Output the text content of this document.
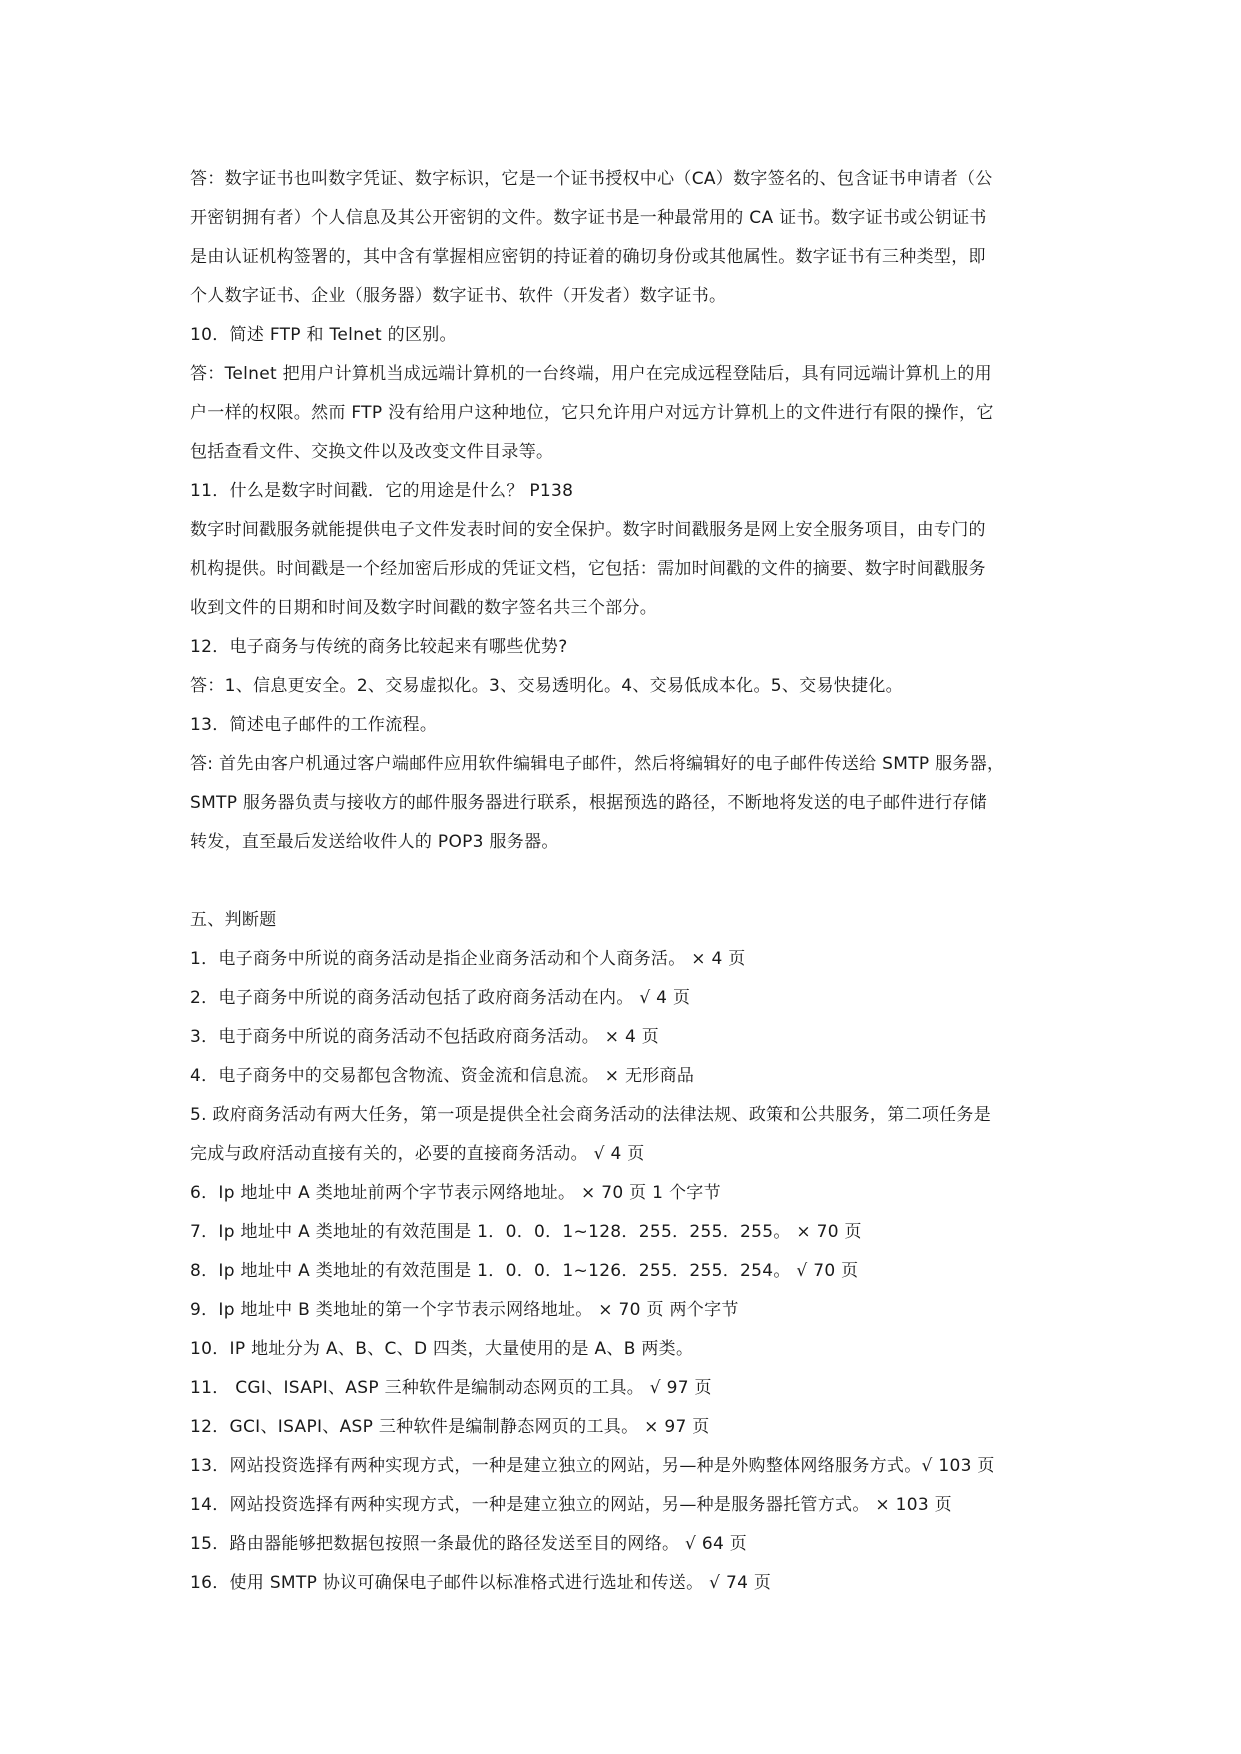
答：数字证书也叫数字凭证、数字标识，它是一个证书授权中心（CA）数字签名的、包含证书申请者（公
开密钥拥有者）个人信息及其公开密钥的文件。数字证书是一种最常用的 CA 证书。数字证书或公钥证书
是由认证机构签署的，其中含有掌握相应密钥的持证着的确切身份或其他属性。数字证书有三种类型，即
个人数字证书、企业（服务器）数字证书、软件（开发者）数字证书。
10．简述 FTP 和 Telnet 的区别。
答：Telnet 把用户计算机当成远端计算机的一台终端，用户在完成远程登陆后，具有同远端计算机上的用
户一样的权限。然而 FTP 没有给用户这种地位，它只允许用户对远方计算机上的文件进行有限的操作，它
包括查看文件、交换文件以及改变文件目录等。
11．什么是数字时间戳．它的用途是什么？ P138
数字时间戳服务就能提供电子文件发表时间的安全保护。数字时间戳服务是网上安全服务项目，由专门的
机构提供。时间戳是一个经加密后形成的凭证文档，它包括：需加时间戳的文件的摘要、数字时间戳服务
收到文件的日期和时间及数字时间戳的数字签名共三个部分。
12．电子商务与传统的商务比较起来有哪些优势?
答：1、信息更安全。2、交易虚拟化。3、交易透明化。4、交易低成本化。5、交易快捷化。
13．简述电子邮件的工作流程。
答: 首先由客户机通过客户端邮件应用软件编辑电子邮件，然后将编辑好的电子邮件传送给 SMTP 服务器，
SMTP 服务器负责与接收方的邮件服务器进行联系，根据预选的路径，不断地将发送的电子邮件进行存储
转发，直至最后发送给收件人的 POP3 服务器。
五、判断题
1．电子商务中所说的商务活动是指企业商务活动和个人商务活。 × 4 页
2．电子商务中所说的商务活动包括了政府商务活动在内。 √ 4 页
3．电于商务中所说的商务活动不包括政府商务活动。 × 4 页
4．电子商务中的交易都包含物流、资金流和信息流。 × 无形商品
5. 政府商务活动有两大任务，第一项是提供全社会商务活动的法律法规、政策和公共服务，第二项任务是
完成与政府活动直接有关的，必要的直接商务活动。 √ 4 页
6．Ip 地址中 A 类地址前两个字节表示网络地址。 × 70 页 1 个字节
7．Ip 地址中 A 类地址的有效范围是 1．0．0．1~128．255．255．255。 × 70 页
8．Ip 地址中 A 类地址的有效范围是 1．0．0．1~126．255．255．254。 √ 70 页
9．Ip 地址中 B 类地址的第一个字节表示网络地址。 × 70 页 两个字节
10．IP 地址分为 A、B、C、D 四类，大量使用的是 A、B 两类。
11． CGI、ISAPI、ASP 三种软件是编制动态网页的工具。 √ 97 页
12．GCI、ISAPI、ASP 三种软件是编制静态网页的工具。 × 97 页
13．网站投资选择有两种实现方式，一种是建立独立的网站，另—种是外购整体网络服务方式。√ 103 页
14．网站投资选择有两种实现方式，一种是建立独立的网站，另—种是服务器托管方式。 × 103 页
15．路由器能够把数据包按照一条最优的路径发送至目的网络。 √ 64 页
16．使用 SMTP 协议可确保电子邮件以标准格式进行选址和传送。 √ 74 页
